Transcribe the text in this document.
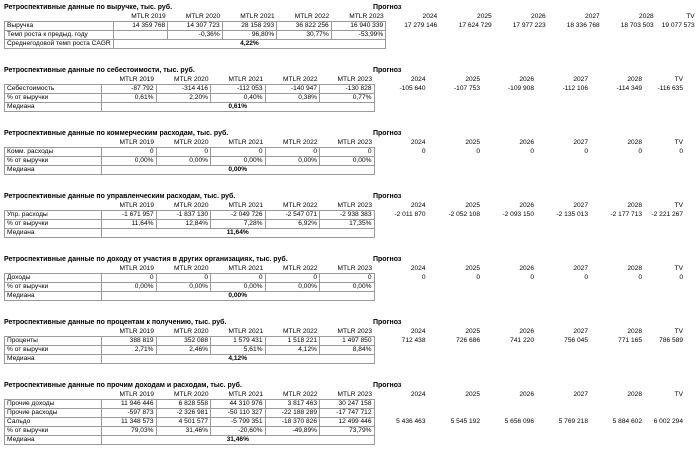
Ретроспективные данные по выручке, тыс. руб.	Прогноз
	MTLR 2019	MTLR 2020	MTLR 2021	MTLR 2022	MTLR 2023	2024	2025	2026	2027	2028	TV
Выручка	14 359 768	14 307 723	28 158 293	36 822 256	16 940 339	17 279 146	17 624 729	17 977 223	18 336 768	18 703 503	19 077 573
Темп роста к предыд. году		-0,36%	96,80%	30,77%	-53,99%						
Среднегодовой темп роста CAGR	4,22%										
Ретроспективные данные по себестоимости, тыс. руб.	Прогноз
	MTLR 2019	MTLR 2020	MTLR 2021	MTLR 2022	MTLR 2023	2024	2025	2026	2027	2028	TV
Себестоимость	-87 792	-314 416	-112 053	-140 947	-130 828	-105 640	-107 753	-109 908	-112 106	-114 349	-116 635
% от выручки	0,61%	2,20%	0,40%	0,38%	0,77%						
Медиана	0,61%										
Ретроспективные данные по коммерческим расходам, тыс. руб.	Прогноз
	MTLR 2019	MTLR 2020	MTLR 2021	MTLR 2022	MTLR 2023	2024	2025	2026	2027	2028	TV
Комм. расходы	0	0	0	0	0	0	0	0	0	0	0
% от выручки	0,00%	0,00%	0,00%	0,00%	0,00%						
Медиана	0,00%										
Ретроспективные данные по управленческим расходам, тыс. руб.	Прогноз
	MTLR 2019	MTLR 2020	MTLR 2021	MTLR 2022	MTLR 2023	2024	2025	2026	2027	2028	TV
Упр. расходы	-1 671 957	-1 837 130	-2 049 726	-2 547 071	-2 938 383	-2 011 870	-2 052 108	-2 093 150	-2 135 013	-2 177 713	-2 221 267
% от выручки	11,64%	12,84%	7,28%	6,92%	17,35%						
Медиана	11,64%										
Ретроспективные данные по доходу от участия в других организациях, тыс. руб.	Прогноз
	MTLR 2019	MTLR 2020	MTLR 2021	MTLR 2022	MTLR 2023	2024	2025	2026	2027	2028	TV
Доходы	0	0	0	0	0	0	0	0	0	0	0
% от выручки	0,00%	0,00%	0,00%	0,00%	0,00%						
Медиана	0,00%										
Ретроспективные данные по процентам к получению, тыс. руб.	Прогноз
	MTLR 2019	MTLR 2020	MTLR 2021	MTLR 2022	MTLR 2023	2024	2025	2026	2027	2028	TV
Проценты	388 819	352 088	1 579 431	1 518 221	1 497 850	712 438	726 686	741 220	756 045	771 165	786 589
% от выручки	2,71%	2,46%	5,61%	4,12%	8,84%						
Медиана	4,12%										
Ретроспективные данные по прочим доходам и расходам, тыс. руб.	Прогноз
	MTLR 2019	MTLR 2020	MTLR 2021	MTLR 2022	MTLR 2023	2024	2025	2026	2027	2028	TV
Прочие доходы	11 946 446	6 828 558	44 310 976	3 817 463	30 247 158						
Прочие расходы	-597 873	-2 326 981	-50 110 327	-22 188 289	-17 747 712						
Сальдо	11 348 573	4 501 577	-5 799 351	-18 370 826	12 499 446	5 436 463	5 545 192	5 656 096	5 769 218	5 884 602	6 002 294
% от выручки	79,03%	31,46%	-20,60%	-49,89%	73,79%						
Медиана	31,46%										
